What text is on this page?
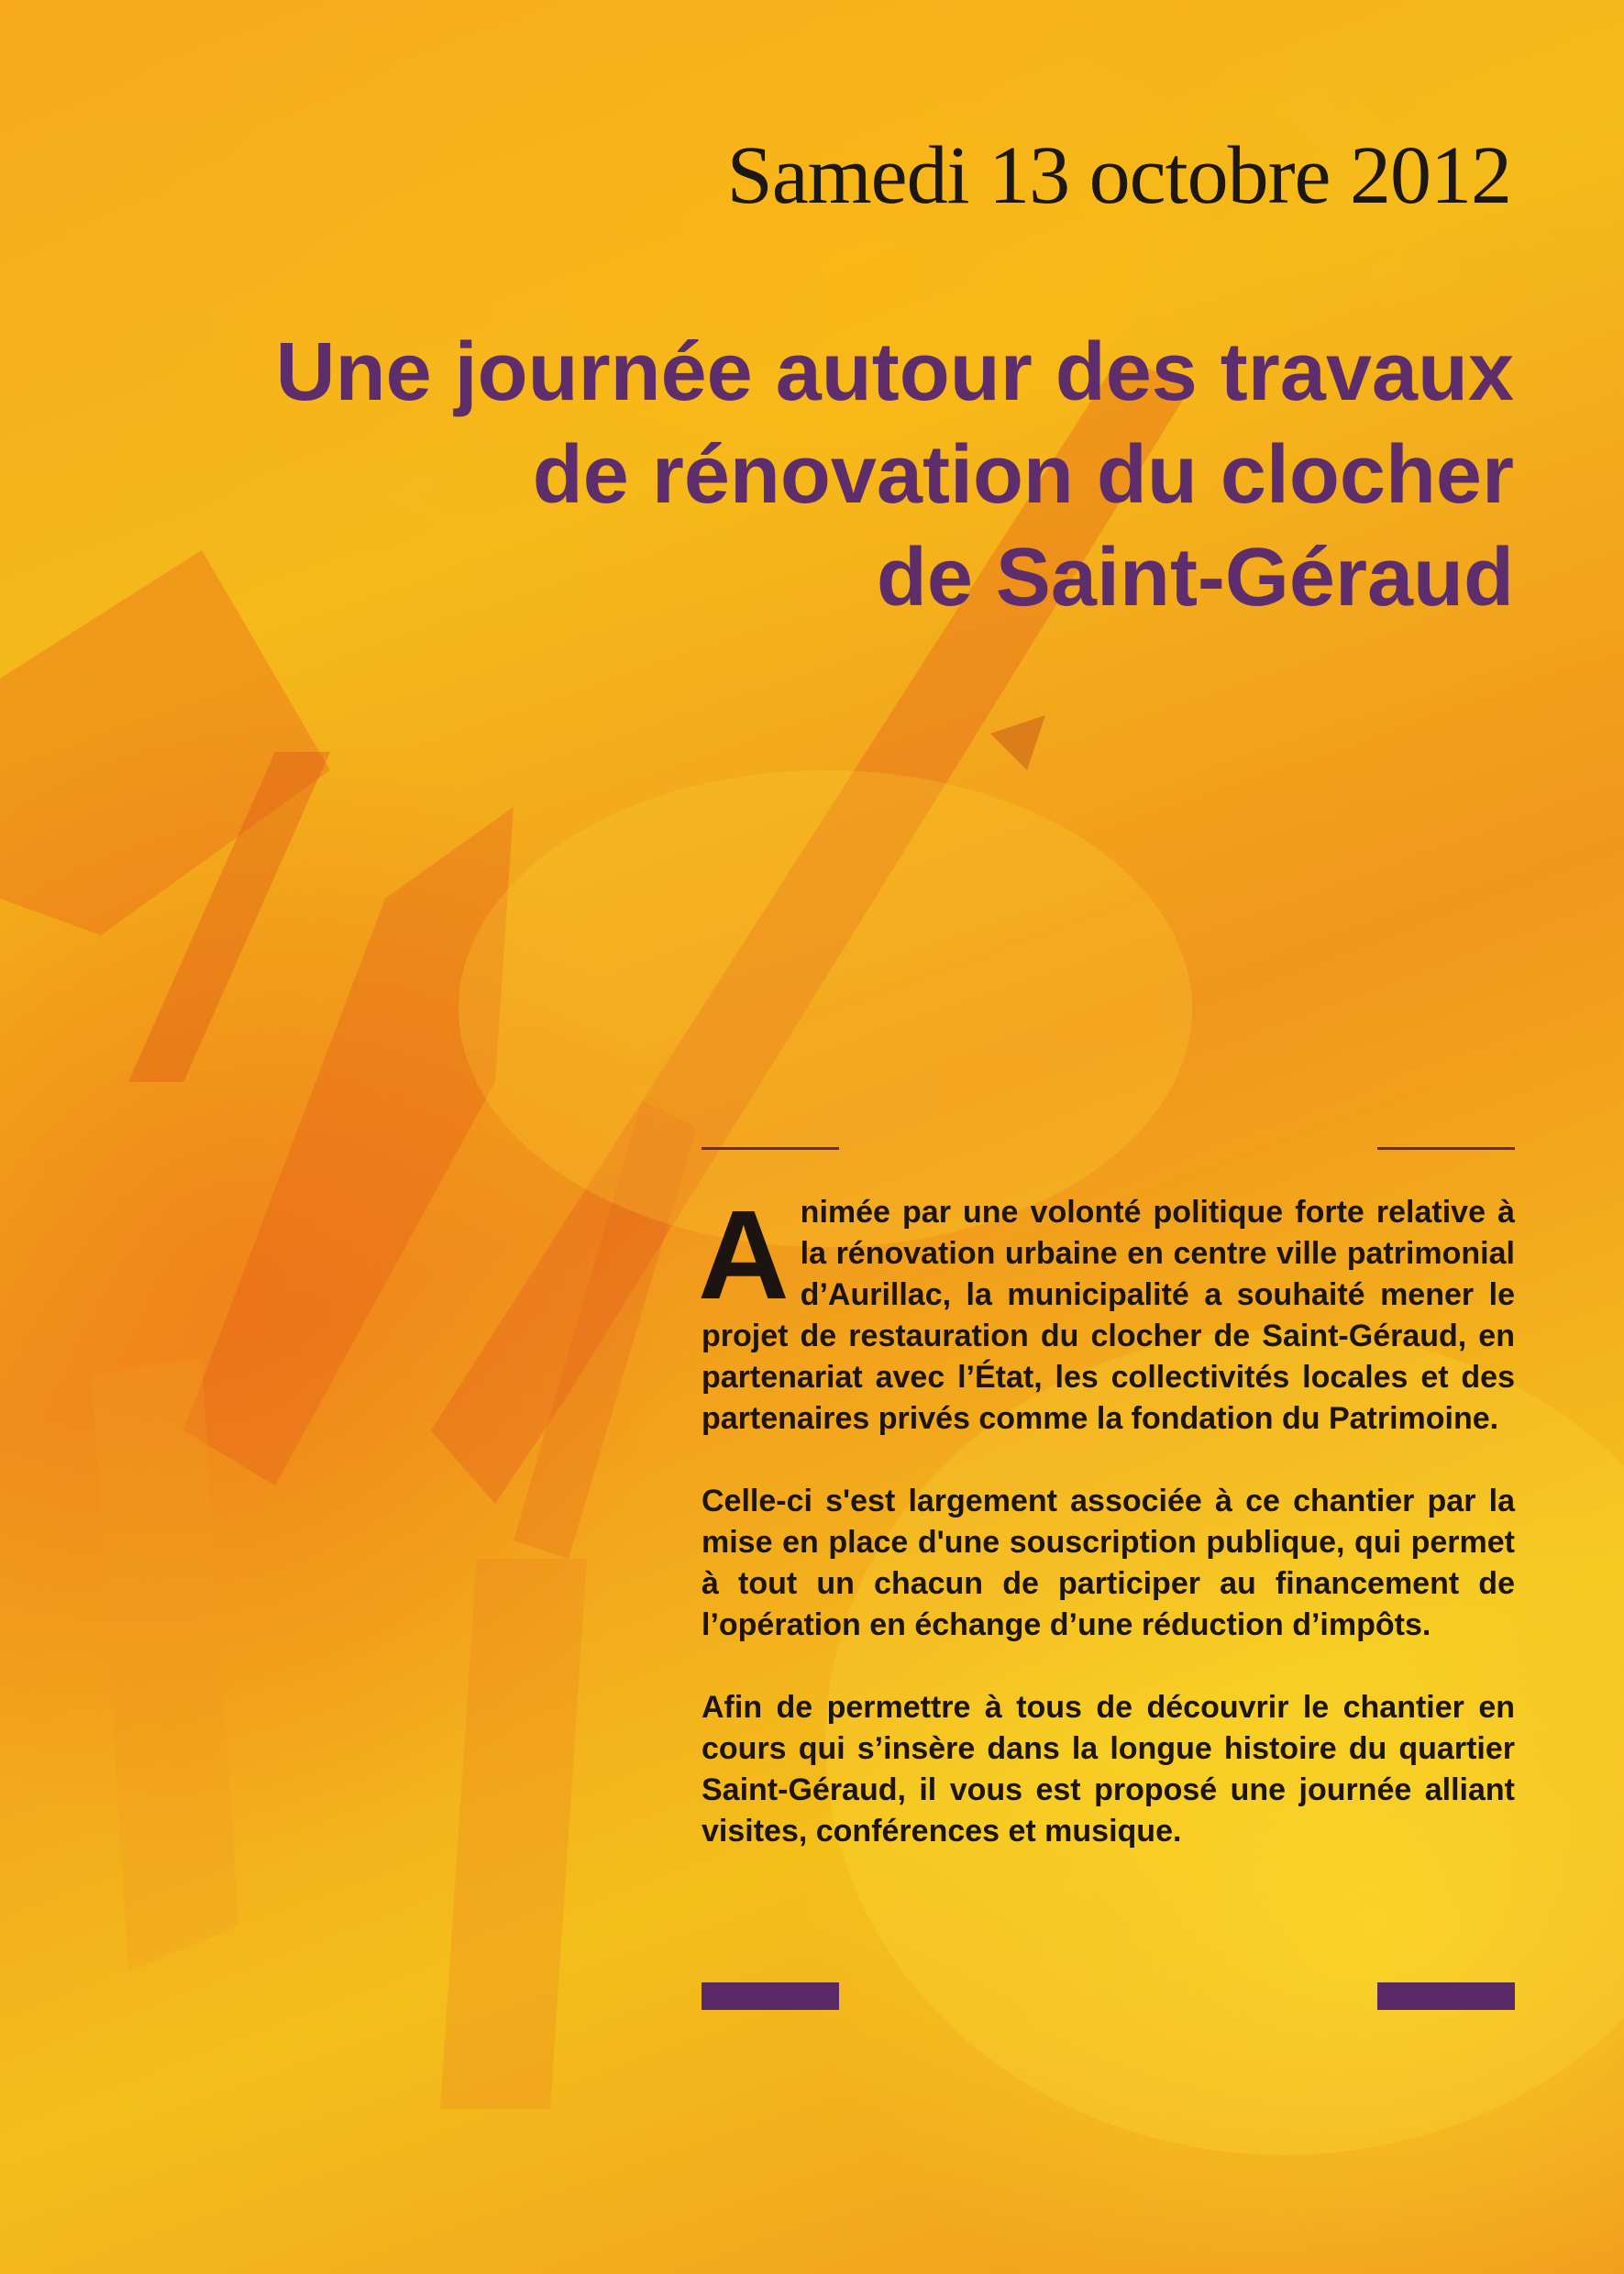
Samedi 13 octobre 2012
Une journée autour des travaux
de rénovation du clocher
de Saint-Géraud

Animée par une volonté politique forte relative à la rénovation urbaine en centre ville patrimonial d’Aurillac, la municipalité a souhaité mener le projet de restauration du clocher de Saint-Géraud, en partenariat avec l’État, les collectivités locales et des partenaires privés comme la fondation du Patrimoine.

Celle-ci s'est largement associée à ce chantier par la mise en place d'une souscription publique, qui permet à tout un chacun de participer au financement de l’opération en échange d’une réduction d’impôts.

Afin de permettre à tous de découvrir le chantier en cours qui s’insère dans la longue histoire du quartier Saint-Géraud, il vous est proposé une journée alliant visites, conférences et musique.
